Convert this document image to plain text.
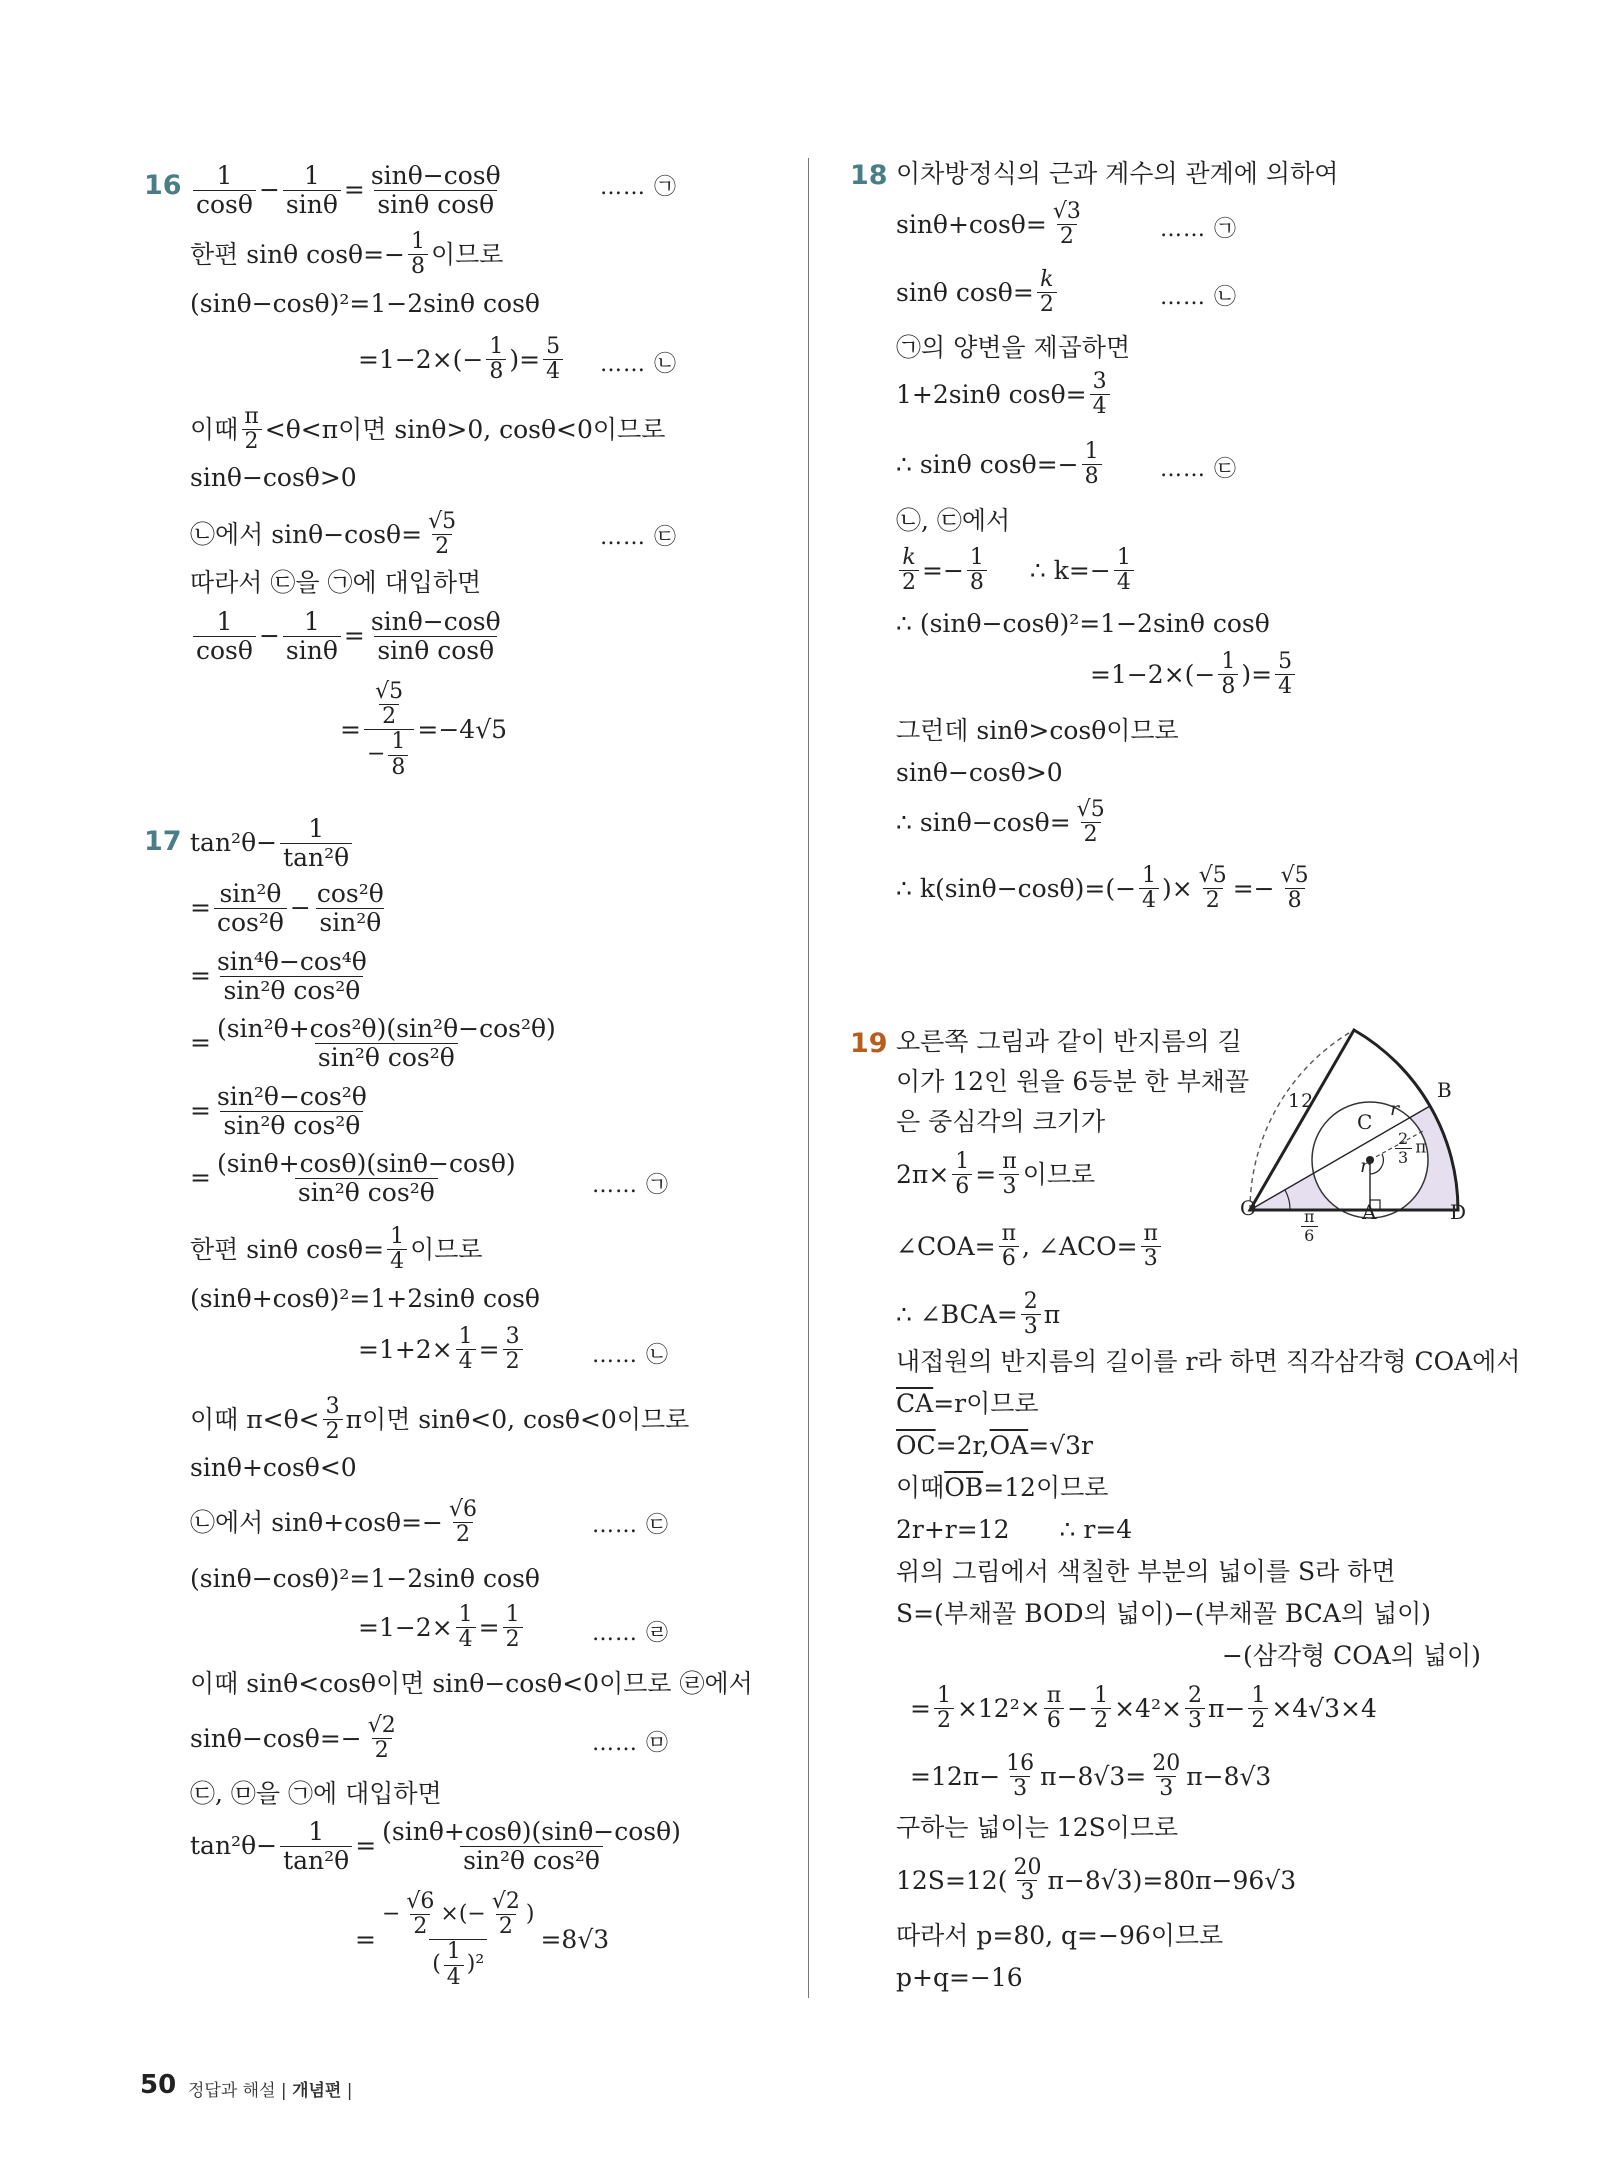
$16 \frac{1}{\cos\theta} - \frac{1}{\sin\theta} = \frac{\sin\theta-\cos\theta}{\text{sinθ cosθ}}$	…… ㉠
한편 sinθ $\cos\theta=- \frac{1}{8}$ 이므로
(sinθ−cosθ)²=1−2sinθ cosθ
$=1-2\times(- \frac{1}{8}$ )= $\frac{5}{4}$ …… ㉡
이때 $\frac{\pi}{2} <\theta<\pi$이면 sinθ>0, cosθ<0이므로
sinθ−cosθ>0
㉡에서 $\sin\theta-\cos\theta= \frac{√5}{2}$	…… ㉢
따라서 ㉢을 ㉠에 대입하면
$\frac{1}{\cos\theta} - \frac{1}{\sin\theta} = \frac{\sin\theta-\cos\theta}{\text{sinθ cosθ}}$
= $\frac{\frac{√5}{2}}{- \frac{1}{8}} =-4√5$
17 $\tan^2\theta- \frac{1}{\text{tan²θ}}$
= $\frac{\text{sin²θ}}{\text{cos²θ}} - \frac{\text{cos²θ}}{\text{sin²θ}}$
= $\frac{\text{sin⁴θ−cos⁴θ}}{\text{sin²θ cos²θ}}$
= $\frac{\text{(sin²θ+cos²θ)(sin²θ−cos²θ)}}{\text{sin²θ cos²θ}}$
= $\frac{\text{sin²θ−cos²θ}}{\text{sin²θ cos²θ}}$
= $\frac{(\sin\theta+\cos\theta)(\sin\theta-\cos\theta)}{\text{sin²θ cos²θ}}$	…… ㉠
한편 sinθ $\cos\theta= \frac{1}{4}$ 이므로
(sinθ+cosθ)²=1+2sinθ cosθ
$=1+2\times \frac{1}{4} = \frac{3}{2}$	…… ㉡
이때 $\pi<\theta< \frac{3}{2}$ π이면 sinθ<0, cosθ<0이므로
sinθ+cosθ<0
㉡에서 $\sin\theta+\cos\theta=- \frac{√6}{2}$	…… ㉢
(sinθ−cosθ)²=1−2sinθ cosθ
$=1-2\times \frac{1}{4} = \frac{1}{2}$	…… ㉣
이때 sinθ<cosθ이면 sinθ−cosθ<0이므로 ㉣에서
$\sin\theta-\cos\theta=- \frac{√2}{2}$	…… ㉤
㉢, ㉤을 ㉠에 대입하면
$\tan^2\theta- \frac{1}{\text{tan²θ}} = \frac{(\sin\theta+\cos\theta)(\sin\theta-\cos\theta)}{\text{sin²θ cos²θ}}$
= $\frac{- \frac{√6}{2} \times(- \frac{√2}{2} )}{( \frac{1}{4} )^2} =8√3$
18 이차방정식의 근과 계수의 관계에 의하여
$\sin\theta+\cos\theta= \frac{√3}{2}$	…… ㉠
sinθ $\cos\theta= \frac{k}{2}$	…… ㉡
㉠의 양변을 제곱하면
1+2sinθ $\cos\theta= \frac{3}{4}$
∴ sinθ $\cos\theta=- \frac{1}{8}$	…… ㉢
㉡, ㉢에서
$\frac{k}{2} =- \frac{1}{8}$ ∴ $k=- \frac{1}{4}$
∴ (sinθ−cosθ)²=1−2sinθ cosθ
$=1-2\times(- \frac{1}{8}$ )= $\frac{5}{4}$
그런데 sinθ>cosθ이므로
sinθ−cosθ>0
∴ $\sin\theta-\cos\theta= \frac{√5}{2}$
∴ $k(\sin\theta-\cos\theta)=(- \frac{1}{4}$ )× $\frac{√5}{2} =- \frac{√5}{8}$
19 오른쪽 그림과 같이 반지름의 길
이가 12인 원을 6등분 한 부채꼴
은 중심각의 크기가
$2\pi\times \frac{1}{6} = \frac{\pi}{3}$ 이므로
∠COA= $\frac{\pi}{6}$ , ∠ACO= $\frac{\pi}{3}$
∴ ∠BCA= $\frac{2}{3}$ π
내접원의 반지름의 길이를 r라 하면 직각삼각형 COA에서
$\overline{CA} =r$이므로
$\overline{OC} =2r$, $\overline{OA} =√3r$
이때 $\overline{OB} =12$이므로
2r+r=12 ∴ r=4
위의 그림에서 색칠한 부분의 넓이를 S라 하면
S=(부채꼴 BOD의 넓이)−(부채꼴 BCA의 넓이)
−(삼각형 COA의 넓이)
= $\frac{1}{2} \times 12^2\times \frac{\pi}{6} - \frac{1}{2} \times 4^2\times \frac{2}{3} \pi- \frac{1}{2} \times 4√3\times 4$
$=12\pi- \frac{16}{3} \pi-8√3= \frac{20}{3} \pi-8√3$
구하는 넓이는 12S이므로
$12S=12( \frac{20}{3} \pi-8√3)=80\pi-96√3$
따라서 p=80, q=−96이므로
p+q=−16
12	B
C
r
r $\frac{2}{3}$ π
O	A	D
$\frac{\pi}{6}$
50 정답과 해설 | 개념편 |
